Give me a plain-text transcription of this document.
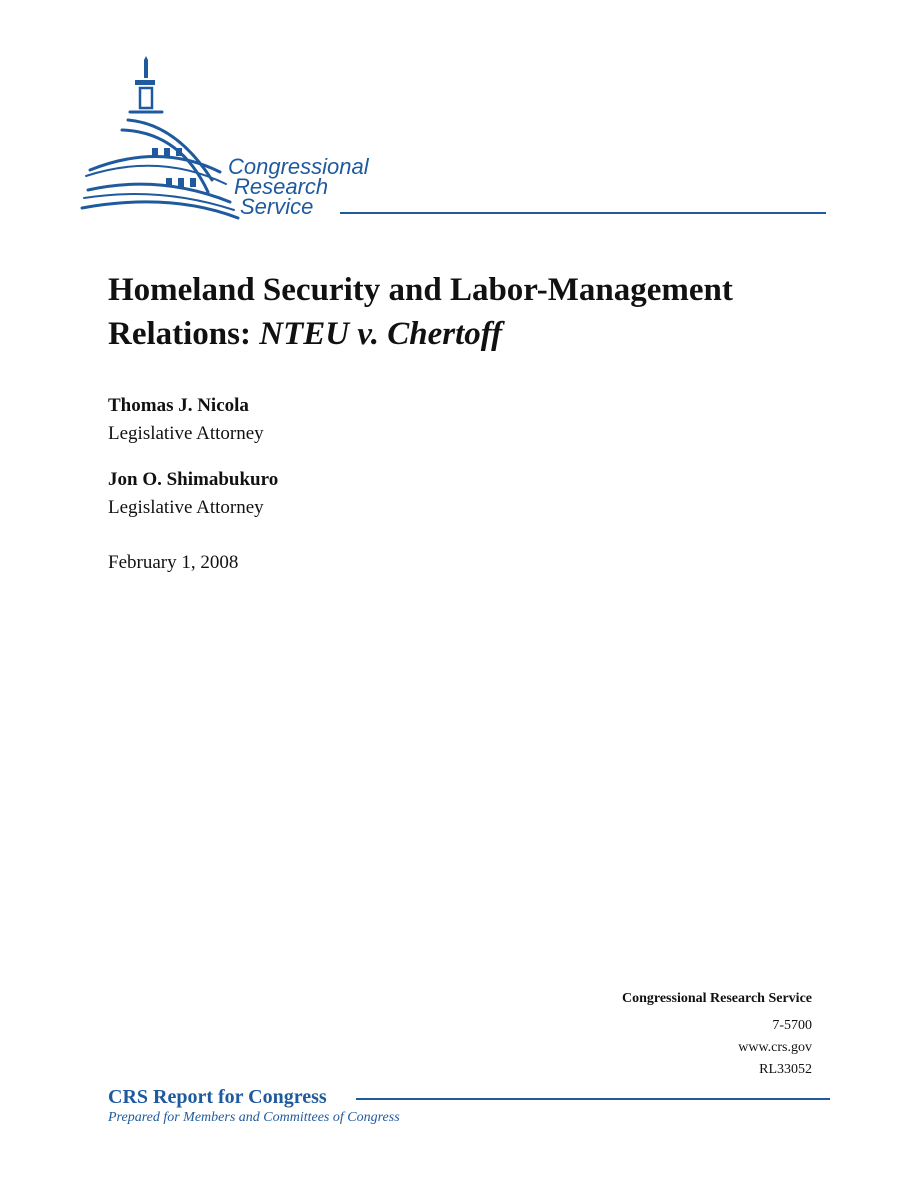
Congressional
Research
Service
Homeland Security and Labor-Management
Relations: NTEU v. Chertoff
Thomas J. Nicola
Legislative Attorney
Jon O. Shimabukuro
Legislative Attorney
February 1, 2008
Congressional Research Service
7-5700
www.crs.gov
RL33052
CRS Report for Congress
Prepared for Members and Committees of Congress
